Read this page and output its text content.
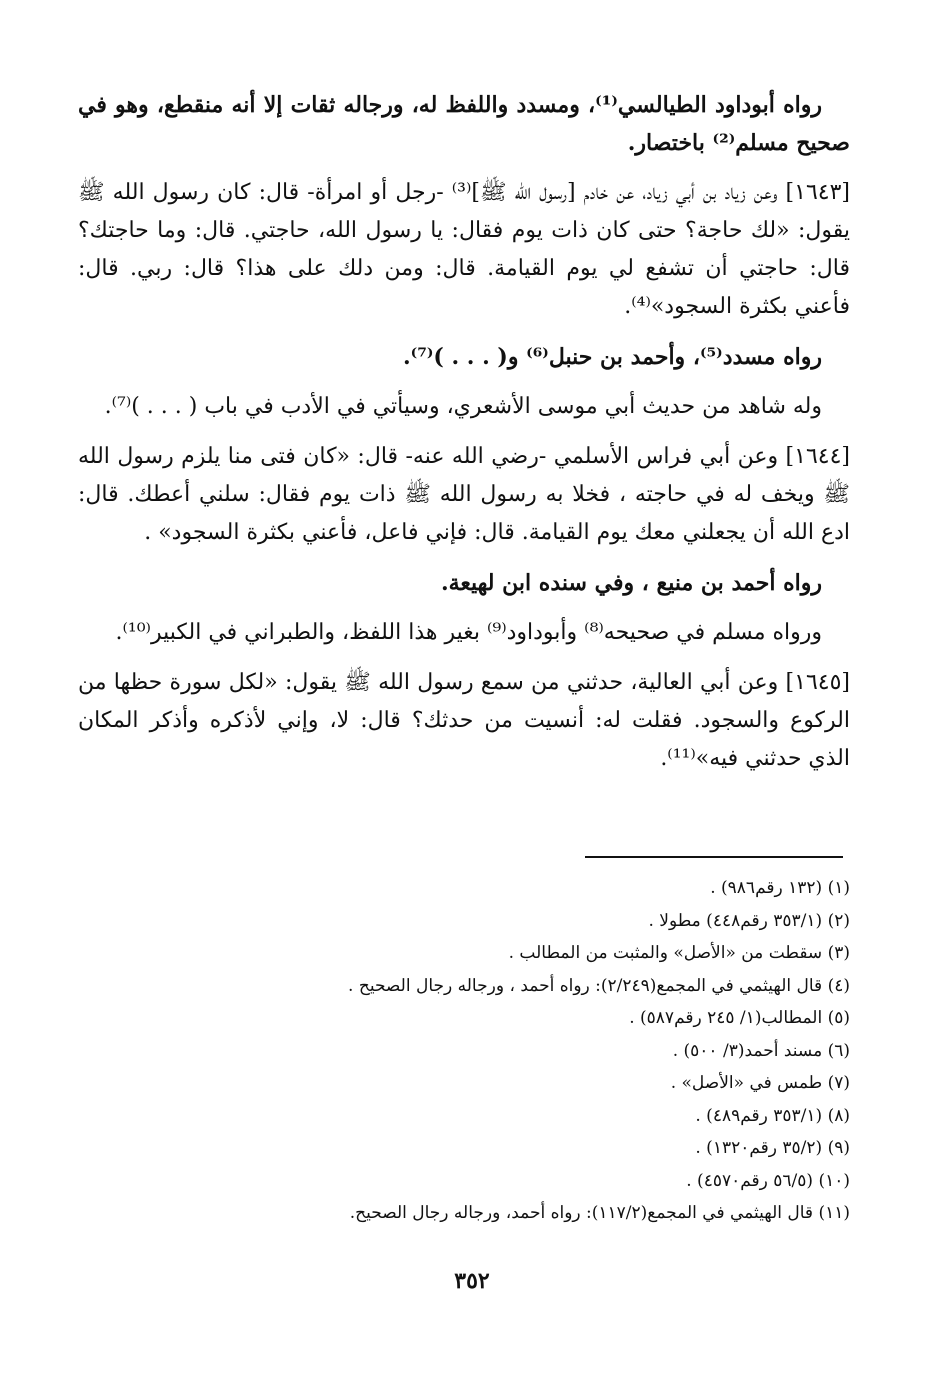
رواه أبوداود الطيالسي⁽¹⁾، ومسدد واللفظ له، ورجاله ثقات إلا أنه منقطع، وهو في صحيح مسلم⁽²⁾ باختصار.

[١٦٤٣] وعن زياد بن أبي زياد، عن خادم [رسول الله ﷺ]⁽³⁾ -رجل أو امرأة- قال: كان رسول الله ﷺ يقول: «لك حاجة؟ حتى كان ذات يوم فقال: يا رسول الله، حاجتي. قال: وما حاجتك؟ قال: حاجتي أن تشفع لي يوم القيامة. قال: ومن دلك على هذا؟ قال: ربي. قال: فأعني بكثرة السجود»⁽⁴⁾.

رواه مسدد⁽⁵⁾، وأحمد بن حنبل⁽⁶⁾ و( . . . )⁽⁷⁾.

وله شاهد من حديث أبي موسى الأشعري، وسيأتي في الأدب في باب ( . . . )⁽⁷⁾.

[١٦٤٤] وعن أبي فراس الأسلمي -رضي الله عنه- قال: «كان فتى منا يلزم رسول الله ﷺ ويخف له في حاجته ، فخلا به رسول الله ﷺ ذات يوم فقال: سلني أعطك. قال: ادع الله أن يجعلني معك يوم القيامة. قال: فإني فاعل، فأعني بكثرة السجود» .

رواه أحمد بن منيع ، وفي سنده ابن لهيعة.

ورواه مسلم في صحيحه⁽⁸⁾ وأبوداود⁽⁹⁾ بغير هذا اللفظ، والطبراني في الكبير⁽¹⁰⁾.

[١٦٤٥] وعن أبي العالية، حدثني من سمع رسول الله ﷺ يقول: «لكل سورة حظها من الركوع والسجود. فقلت له: أنسيت من حدثك؟ قال: لا، وإني لأذكره وأذكر المكان الذي حدثني فيه»⁽¹¹⁾.

(١) (١٣٢ رقم٩٨٦) .
(٢) (٣٥٣/١ رقم٤٤٨) مطولا .
(٣) سقطت من «الأصل» والمثبت من المطالب .
(٤) قال الهيثمي في المجمع(٢/٢٤٩): رواه أحمد ، ورجاله رجال الصحيح .
(٥) المطالب(١/ ٢٤٥ رقم٥٨٧) .
(٦) مسند أحمد(٣/ ٥٠٠) .
(٧) طمس في «الأصل» .
(٨) (٣٥٣/١ رقم٤٨٩) .
(٩) (٣٥/٢ رقم١٣٢٠) .
(١٠) (٥٦/٥ رقم٤٥٧٠) .
(١١) قال الهيثمي في المجمع(١١٧/٢): رواه أحمد، ورجاله رجال الصحيح.
٣٥٢
